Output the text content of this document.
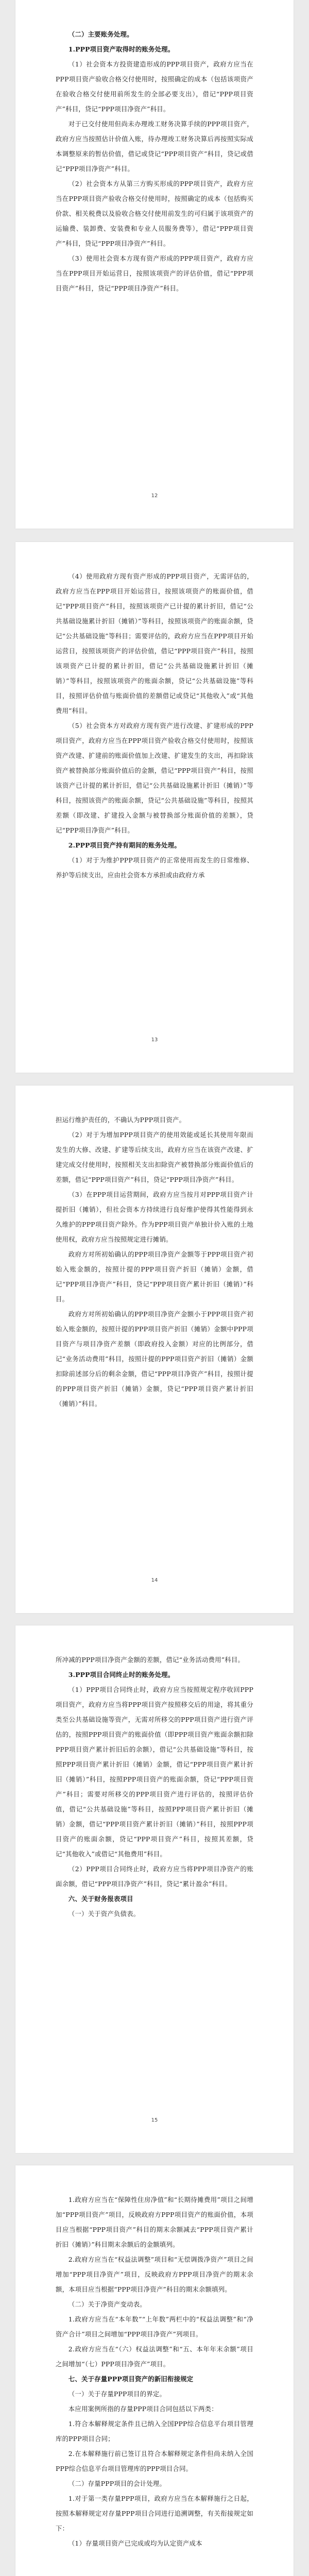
（二）主要账务处理。

1.PPP项目资产取得时的账务处理。

（1）社会资本方投资建造形成的PPP项目资产，政府方应当在PPP项目资产验收合格交付使用时，按照确定的成本（包括该项资产在验收合格交付使用前所发生的全部必要支出），借记“PPP项目资产”科目，贷记“PPP项目净资产”科目。

对于已交付使用但尚未办理竣工财务决算手续的PPP项目资产，政府方应当按照估计价值入账，待办理竣工财务决算后再按照实际成本调整原来的暂估价值，借记或贷记“PPP项目资产”科目，贷记或借记“PPP项目净资产”科目。

（2）社会资本方从第三方购买形成的PPP项目资产，政府方应当在PPP项目资产验收合格交付使用时，按照确定的成本（包括购买价款、相关税费以及验收合格交付使用前发生的可归属于该项资产的运输费、装卸费、安装费和专业人员服务费等），借记“PPP项目资产”科目，贷记“PPP项目净资产”科目。

（3）使用社会资本方现有资产形成的PPP项目资产，政府方应当在PPP项目开始运营日，按照该项资产的评估价值，借记“PPP项目资产”科目，贷记“PPP项目净资产”科目。

12

（4）使用政府方现有资产形成的PPP项目资产，无需评估的，政府方应当在PPP项目开始运营日，按照该项资产的账面价值，借记“PPP项目资产”科目，按照该项资产已计提的累计折旧，借记“公共基础设施累计折旧（摊销）”等科目，按照该项资产的账面余额，贷记“公共基础设施”等科目；需要评估的，政府方应当在PPP项目开始运营日，按照该项资产的评估价值，借记“PPP项目资产”科目，按照该项资产已计提的累计折旧，借记“公共基础设施累计折旧（摊销）”等科目，按照该项资产的账面余额，贷记“公共基础设施”等科目，按照评估价值与账面价值的差额借记或贷记“其他收入”或“其他费用”科目。

（5）社会资本方对政府方现有资产进行改建、扩建形成的PPP项目资产，政府方应当在PPP项目资产验收合格交付使用时，按照该资产改建、扩建前的账面价值加上改建、扩建发生的支出，再扣除该资产被替换部分账面价值后的金额，借记“PPP项目资产”科目，按照该资产已计提的累计折旧，借记“公共基础设施累计折旧（摊销）”等科目，按照该资产的账面余额，贷记“公共基础设施”等科目，按照其差额（即改建、扩建投入金额与被替换部分账面价值的差额），贷记“PPP项目净资产”科目。

2.PPP项目资产持有期间的账务处理。

（1）对于为维护PPP项目资产的正常使用而发生的日常维修、养护等后续支出，应由社会资本方承担或由政府方承

13

担运行维护责任的，不确认为PPP项目资产。

（2）对于为增加PPP项目资产的使用效能或延长其使用年限而发生的大修、改建、扩建等后续支出，政府方应当在该资产改建、扩建完成交付使用时，按照相关支出扣除资产被替换部分账面价值后的差额，借记“PPP项目资产”科目，贷记“PPP项目净资产”科目。

（3）在PPP项目运营期间，政府方应当按月对PPP项目资产计提折旧（摊销），但社会资本方持续进行良好维护使得其性能得到永久维护的PPP项目资产除外。作为PPP项目资产单独计价入账的土地使用权，政府方应当按照规定进行摊销。

政府方对所初始确认的PPP项目净资产金额等于PPP项目资产初始入账金额的，按照计提的PPP项目资产折旧（摊销）金额，借记“PPP项目净资产”科目，贷记“PPP项目资产累计折旧（摊销）”科目。

政府方对所初始确认的PPP项目净资产金额小于PPP项目资产初始入账金额的，按照计提的PPP项目资产折旧（摊销）金额中PPP项目资产与项目净资产差额（即政府投入金额）对应的比例部分，借记“业务活动费用”科目，按照计提的PPP项目资产折旧（摊销）金额扣除前述部分后的剩余金额，借记“PPP项目净资产”科目，按照计提的PPP项目资产折旧（摊销）金额，贷记“PPP项目资产累计折旧（摊销）”科目。

14

所冲减的PPP项目净资产金额的差额，借记“业务活动费用”科目。

3.PPP项目合同终止时的账务处理。

（1）PPP项目合同终止时，政府方应当按照规定程序收回PPP项目资产，政府方应当将PPP项目资产按照移交后的用途，将其重分类至公共基础设施等资产，无需对所移交的PPP项目资产进行资产评估的，按照PPP项目资产的账面价值（即PPP项目资产账面余额扣除PPP项目资产累计折旧后的余额），借记“公共基础设施”等科目，按照PPP项目资产累计折旧（摊销）金额，借记“PPP项目资产累计折旧（摊销）”科目，按照PPP项目资产的账面余额，贷记“PPP项目资产”科目；需要对所移交的PPP项目资产进行评估的，按照评估价值，借记“公共基础设施”等科目，按照PPP项目资产累计折旧（摊销）金额，借记“PPP项目资产累计折旧（摊销）”科目，按照PPP项目资产的账面余额，贷记“PPP项目资产”科目，按照其差额，贷记“其他收入”或借记“其他费用”科目。

（2）PPP项目合同终止时，政府方应当将PPP项目净资产的账面余额，借记“PPP项目净资产”科目，贷记“累计盈余”科目。

六、关于财务报表项目

（一）关于资产负债表。

15

1.政府方应当在“保障性住房净值”和“长期待摊费用”项目之间增加“PPP项目资产”项目，反映政府方PPP项目资产的账面价值，本项目应当根据“PPP项目资产”科目的期末余额减去“PPP项目资产累计折旧（摊销）”科目期末余额后的金额填列。

2.政府方应当在“权益法调整”项目和“无偿调拨净资产”项目之间增加“PPP项目净资产”项目，反映政府方PPP项目净资产的期末余额，本项目应当根据“PPP项目净资产”科目的期末余额填列。

（二）关于净资产变动表。

1.政府方应当在“本年数”“上年数”两栏中的“权益法调整”和“净资产合计”项目之间增加“PPP项目净资产”列项目。

2.政府方应当在“（六）权益法调整”和“五、本年年末余额”项目之间增加“（七）PPP项目净资产”项目。

七、关于存量PPP项目资产的新旧衔接规定

（一）关于存量PPP项目的界定。

本应用案例所指的存量PPP项目合同包括以下两类：

1.符合本解释规定条件且已纳入全国PPP综合信息平台项目管理库的PPP项目合同；

2.在本解释施行前已签订且符合本解释规定条件但尚未纳入全国PPP综合信息平台项目管理库的PPP项目合同。

（二）存量PPP项目的会计处理。

1.对于第一类存量PPP项目，政府方应当在本解释施行之日起，按照本解释规定对存量PPP项目合同进行追溯调整，有关衔接规定如下：

（1）存量项目资产已完成或均为认定资产成本
